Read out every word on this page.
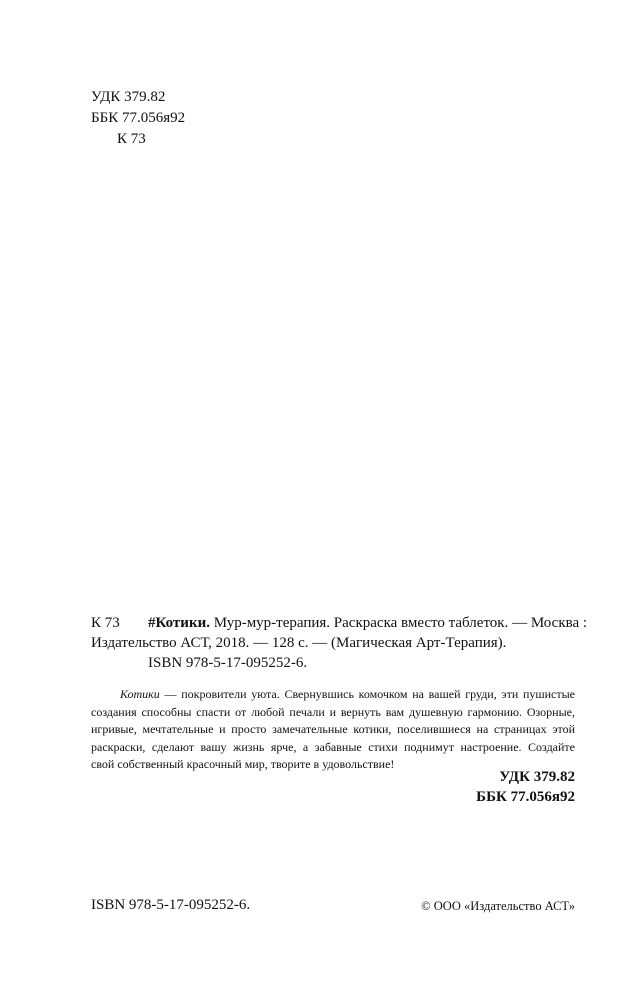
УДК 379.82
ББК 77.056я92
К 73
К 73 #Котики. Мур-мур-терапия. Раскраска вместо таблеток. — Москва :
Издательство АСТ, 2018. — 128 с. — (Магическая Арт-Терапия).
ISBN 978-5-17-095252-6.
Котики — покровители уюта. Свернувшись комочком на вашей груди, эти пушистые
создания способны спасти от любой печали и вернуть вам душевную гармонию. Озорные,
игривые, мечтательные и просто замечательные котики, поселившиеся на страницах этой
раскраски, сделают вашу жизнь ярче, а забавные стихи поднимут настроение. Создайте
свой собственный красочный мир, творите в удовольствие!
УДК 379.82
ББК 77.056я92
ISBN 978-5-17-095252-6.	© ООО «Издательство АСТ»
